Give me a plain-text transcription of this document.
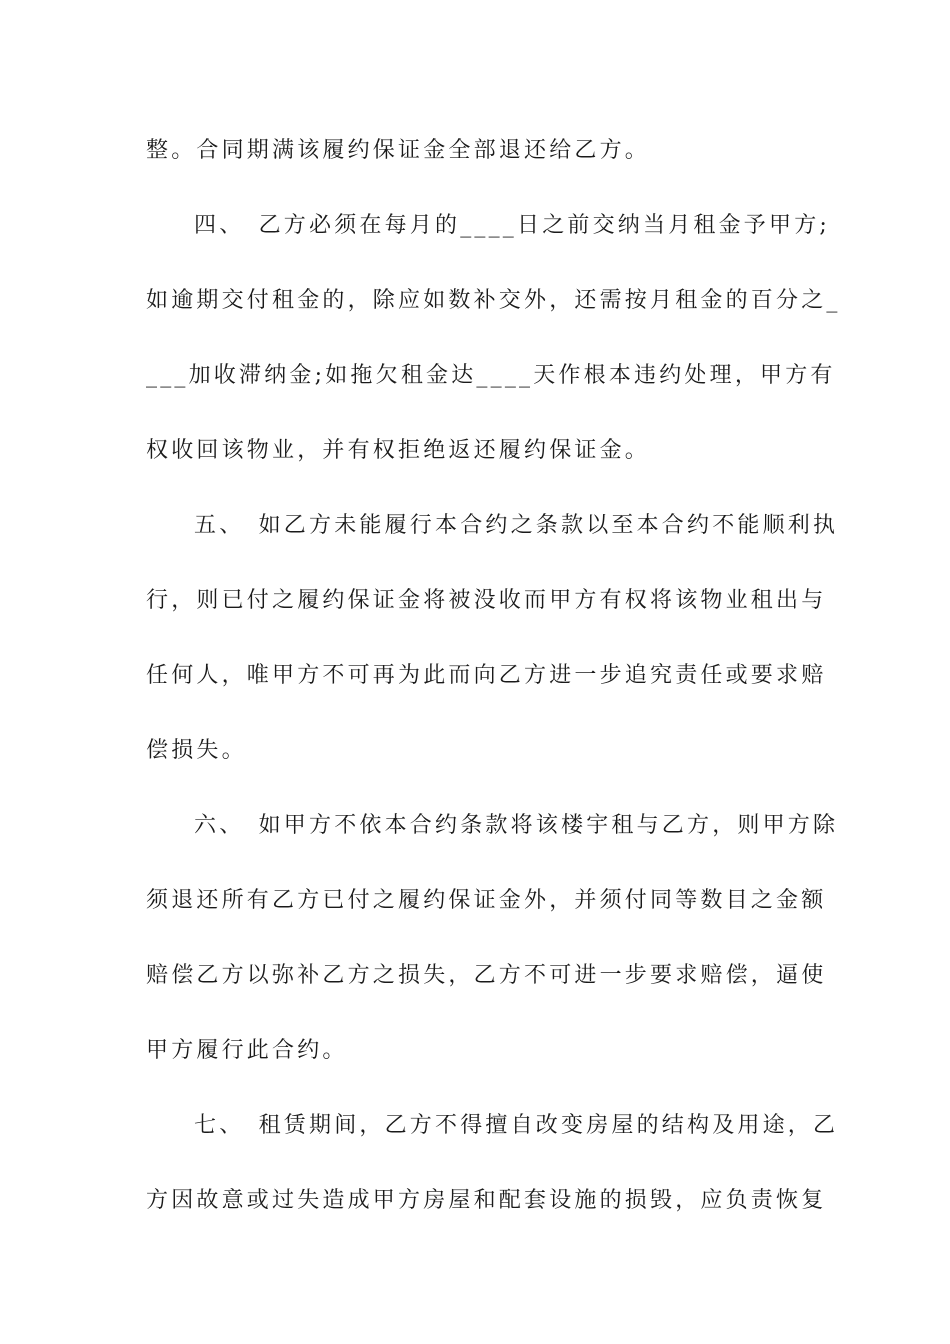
整。合同期满该履约保证金全部退还给乙方。
四、　乙方必须在每月的____日之前交纳当月租金予甲方;
如逾期交付租金的，除应如数补交外，还需按月租金的百分之_
___加收滞纳金;如拖欠租金达____天作根本违约处理，甲方有
权收回该物业，并有权拒绝返还履约保证金。
五、　如乙方未能履行本合约之条款以至本合约不能顺利执
行，则已付之履约保证金将被没收而甲方有权将该物业租出与
任何人，唯甲方不可再为此而向乙方进一步追究责任或要求赔
偿损失。
六、　如甲方不依本合约条款将该楼宇租与乙方，则甲方除
须退还所有乙方已付之履约保证金外，并须付同等数目之金额
赔偿乙方以弥补乙方之损失，乙方不可进一步要求赔偿，逼使
甲方履行此合约。
七、　租赁期间，乙方不得擅自改变房屋的结构及用途，乙
方因故意或过失造成甲方房屋和配套设施的损毁，应负责恢复
